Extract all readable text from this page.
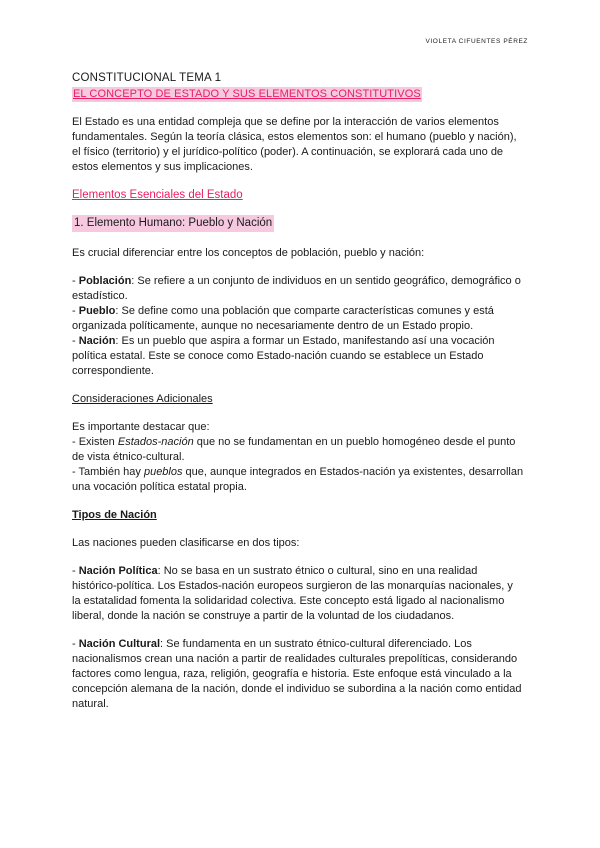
VIOLETA CIFUENTES PÉREZ

CONSTITUCIONAL TEMA 1

EL CONCEPTO DE ESTADO Y SUS ELEMENTOS CONSTITUTIVOS

El Estado es una entidad compleja que se define por la interacción de varios elementos

fundamentales. Según la teoría clásica, estos elementos son: el humano (pueblo y nación),

el físico (territorio) y el jurídico-político (poder). A continuación, se explorará cada uno de

estos elementos y sus implicaciones.

Elementos Esenciales del Estado

1. Elemento Humano: Pueblo y Nación

Es crucial diferenciar entre los conceptos de población, pueblo y nación:

- Población: Se refiere a un conjunto de individuos en un sentido geográfico, demográfico o

estadístico.

- Pueblo: Se define como una población que comparte características comunes y está

organizada políticamente, aunque no necesariamente dentro de un Estado propio.

- Nación: Es un pueblo que aspira a formar un Estado, manifestando así una vocación

política estatal. Este se conoce como Estado-nación cuando se establece un Estado

correspondiente.

Consideraciones Adicionales

Es importante destacar que:

- Existen Estados-nación que no se fundamentan en un pueblo homogéneo desde el punto

de vista étnico-cultural.

- También hay pueblos que, aunque integrados en Estados-nación ya existentes, desarrollan

una vocación política estatal propia.

Tipos de Nación

Las naciones pueden clasificarse en dos tipos:

- Nación Política: No se basa en un sustrato étnico o cultural, sino en una realidad

histórico-política. Los Estados-nación europeos surgieron de las monarquías nacionales, y

la estatalidad fomenta la solidaridad colectiva. Este concepto está ligado al nacionalismo

liberal, donde la nación se construye a partir de la voluntad de los ciudadanos.

- Nación Cultural: Se fundamenta en un sustrato étnico-cultural diferenciado. Los

nacionalismos crean una nación a partir de realidades culturales prepolíticas, considerando

factores como lengua, raza, religión, geografía e historia. Este enfoque está vinculado a la

concepción alemana de la nación, donde el individuo se subordina a la nación como entidad

natural.
